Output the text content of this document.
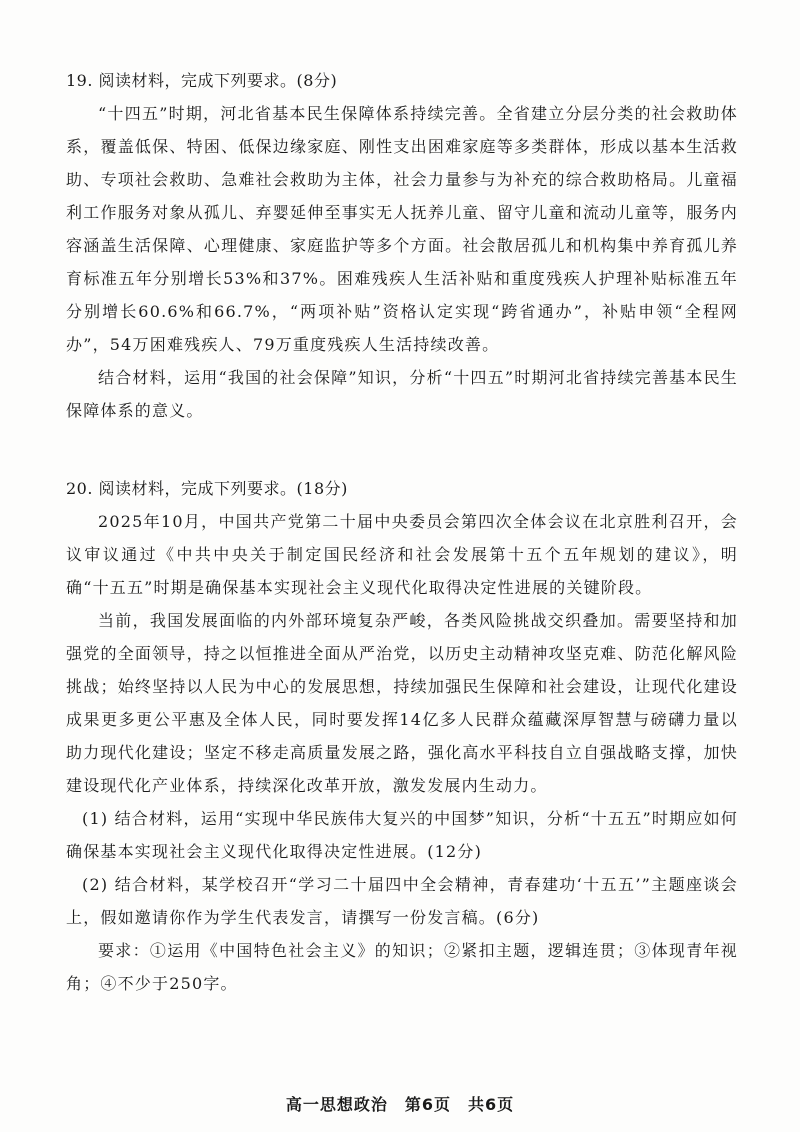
19. 阅读材料，完成下列要求。(8分)

“十四五”时期，河北省基本民生保障体系持续完善。全省建立分层分类的社会救助体系，覆盖低保、特困、低保边缘家庭、刚性支出困难家庭等多类群体，形成以基本生活救助、专项社会救助、急难社会救助为主体，社会力量参与为补充的综合救助格局。儿童福利工作服务对象从孤儿、弃婴延伸至事实无人抚养儿童、留守儿童和流动儿童等，服务内容涵盖生活保障、心理健康、家庭监护等多个方面。社会散居孤儿和机构集中养育孤儿养育标准五年分别增长53%和37%。困难残疾人生活补贴和重度残疾人护理补贴标准五年分别增长60.6%和66.7%，“两项补贴”资格认定实现“跨省通办”，补贴申领“全程网办”，54万困难残疾人、79万重度残疾人生活持续改善。

结合材料，运用“我国的社会保障”知识，分析“十四五”时期河北省持续完善基本民生保障体系的意义。

20. 阅读材料，完成下列要求。(18分)

2025年10月，中国共产党第二十届中央委员会第四次全体会议在北京胜利召开，会议审议通过《中共中央关于制定国民经济和社会发展第十五个五年规划的建议》，明确“十五五”时期是确保基本实现社会主义现代化取得决定性进展的关键阶段。

当前，我国发展面临的内外部环境复杂严峻，各类风险挑战交织叠加。需要坚持和加强党的全面领导，持之以恒推进全面从严治党，以历史主动精神攻坚克难、防范化解风险挑战；始终坚持以人民为中心的发展思想，持续加强民生保障和社会建设，让现代化建设成果更多更公平惠及全体人民，同时要发挥14亿多人民群众蕴藏深厚智慧与磅礴力量以助力现代化建设；坚定不移走高质量发展之路，强化高水平科技自立自强战略支撑，加快建设现代化产业体系，持续深化改革开放，激发发展内生动力。

(1) 结合材料，运用“实现中华民族伟大复兴的中国梦”知识，分析“十五五”时期应如何确保基本实现社会主义现代化取得决定性进展。(12分)

(2) 结合材料，某学校召开“学习二十届四中全会精神，青春建功‘十五五’”主题座谈会上，假如邀请你作为学生代表发言，请撰写一份发言稿。(6分)

要求：①运用《中国特色社会主义》的知识；②紧扣主题，逻辑连贯；③体现青年视角；④不少于250字。

高一思想政治　第6页　共6页
